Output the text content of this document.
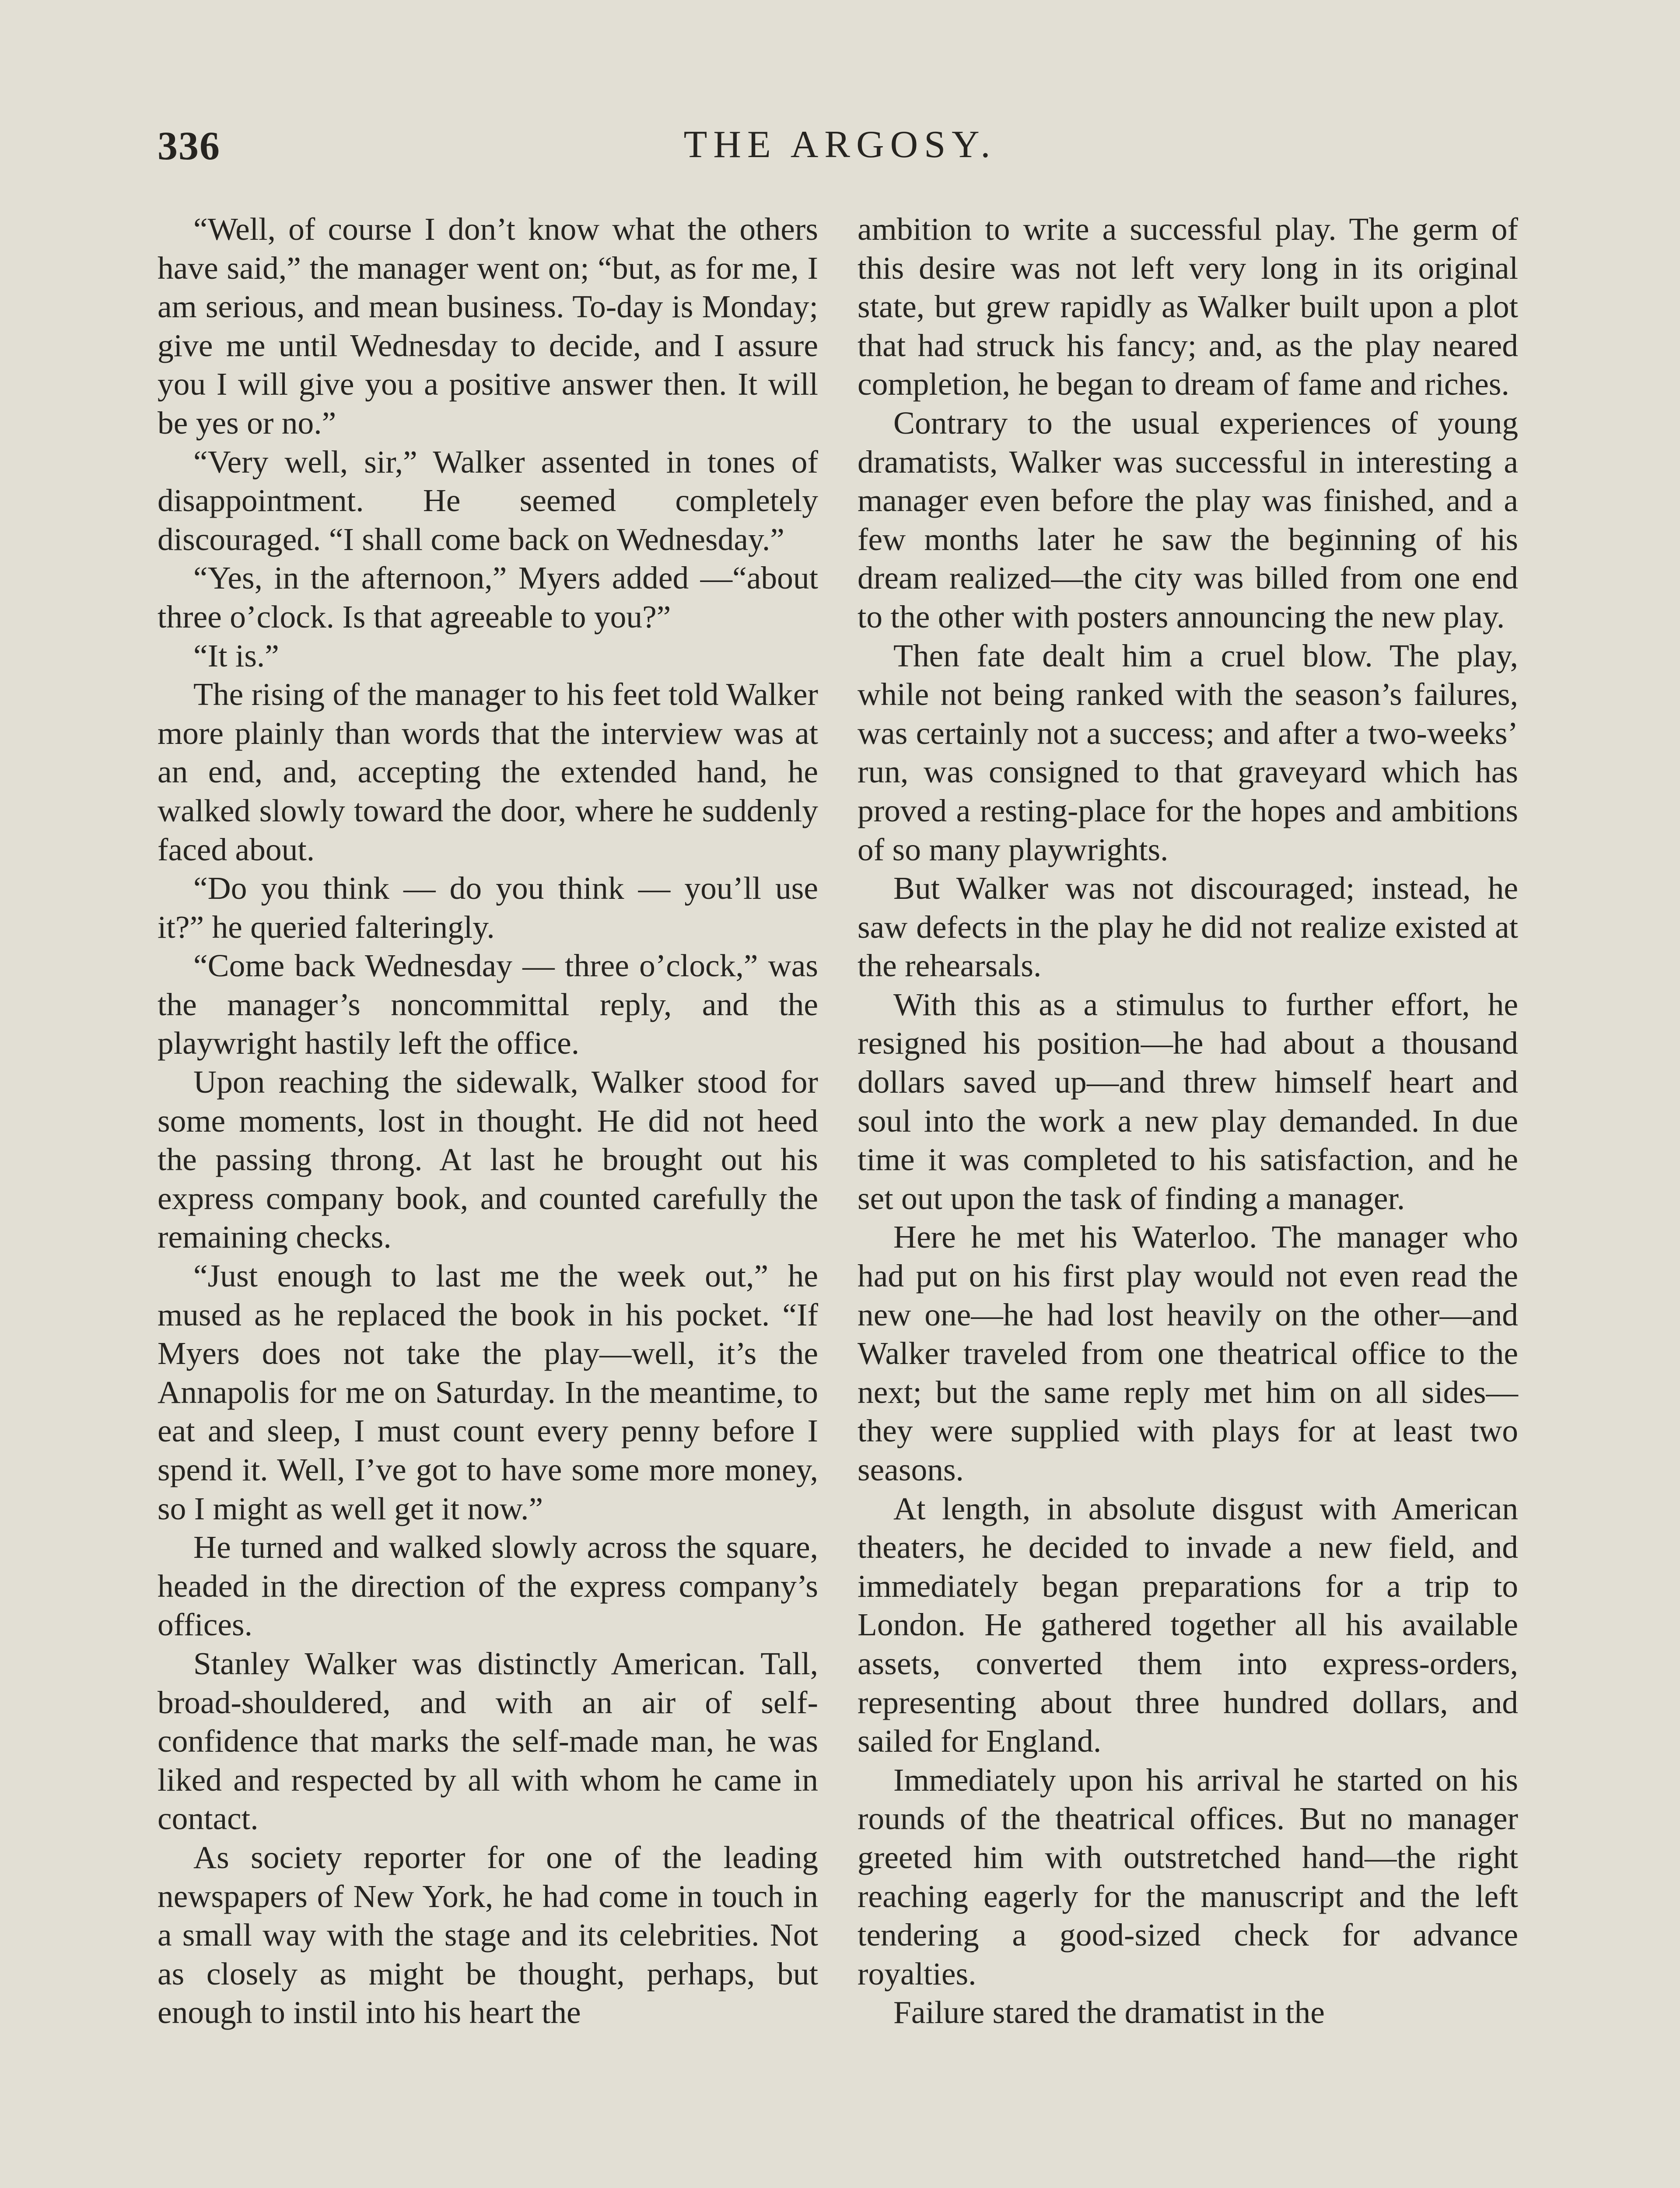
336	THE ARGOSY.

“Well, of course I don’t know what the others have said,” the manager went on; “but, as for me, I am serious, and mean business. To-day is Monday; give me until Wednesday to decide, and I assure you I will give you a positive answer then. It will be yes or no.”

“Very well, sir,” Walker assented in tones of disappointment. He seemed completely discouraged. “I shall come back on Wednesday.”

“Yes, in the afternoon,” Myers added —“about three o’clock. Is that agreeable to you?”

“It is.”

The rising of the manager to his feet told Walker more plainly than words that the interview was at an end, and, accepting the extended hand, he walked slowly toward the door, where he suddenly faced about.

“Do you think — do you think — you’ll use it?” he queried falteringly.

“Come back Wednesday — three o’clock,” was the manager’s noncommittal reply, and the playwright hastily left the office.

Upon reaching the sidewalk, Walker stood for some moments, lost in thought. He did not heed the passing throng. At last he brought out his express company book, and counted carefully the remaining checks.

“Just enough to last me the week out,” he mused as he replaced the book in his pocket. “If Myers does not take the play—well, it’s the Annapolis for me on Saturday. In the meantime, to eat and sleep, I must count every penny before I spend it. Well, I’ve got to have some more money, so I might as well get it now.”

He turned and walked slowly across the square, headed in the direction of the express company’s offices.

Stanley Walker was distinctly American. Tall, broad-shouldered, and with an air of self-confidence that marks the self-made man, he was liked and respected by all with whom he came in contact.

As society reporter for one of the leading newspapers of New York, he had come in touch in a small way with the stage and its celebrities. Not as closely as might be thought, perhaps, but enough to instil into his heart the

ambition to write a successful play. The germ of this desire was not left very long in its original state, but grew rapidly as Walker built upon a plot that had struck his fancy; and, as the play neared completion, he began to dream of fame and riches.

Contrary to the usual experiences of young dramatists, Walker was successful in interesting a manager even before the play was finished, and a few months later he saw the beginning of his dream realized—the city was billed from one end to the other with posters announcing the new play.

Then fate dealt him a cruel blow. The play, while not being ranked with the season’s failures, was certainly not a success; and after a two-weeks’ run, was consigned to that graveyard which has proved a resting-place for the hopes and ambitions of so many playwrights.

But Walker was not discouraged; instead, he saw defects in the play he did not realize existed at the rehearsals.

With this as a stimulus to further effort, he resigned his position—he had about a thousand dollars saved up—and threw himself heart and soul into the work a new play demanded. In due time it was completed to his satisfaction, and he set out upon the task of finding a manager.

Here he met his Waterloo. The manager who had put on his first play would not even read the new one—he had lost heavily on the other—and Walker traveled from one theatrical office to the next; but the same reply met him on all sides—they were supplied with plays for at least two seasons.

At length, in absolute disgust with American theaters, he decided to invade a new field, and immediately began preparations for a trip to London. He gathered together all his available assets, converted them into express-orders, representing about three hundred dollars, and sailed for England.

Immediately upon his arrival he started on his rounds of the theatrical offices. But no manager greeted him with outstretched hand—the right reaching eagerly for the manuscript and the left tendering a good-sized check for advance royalties.

Failure stared the dramatist in the
